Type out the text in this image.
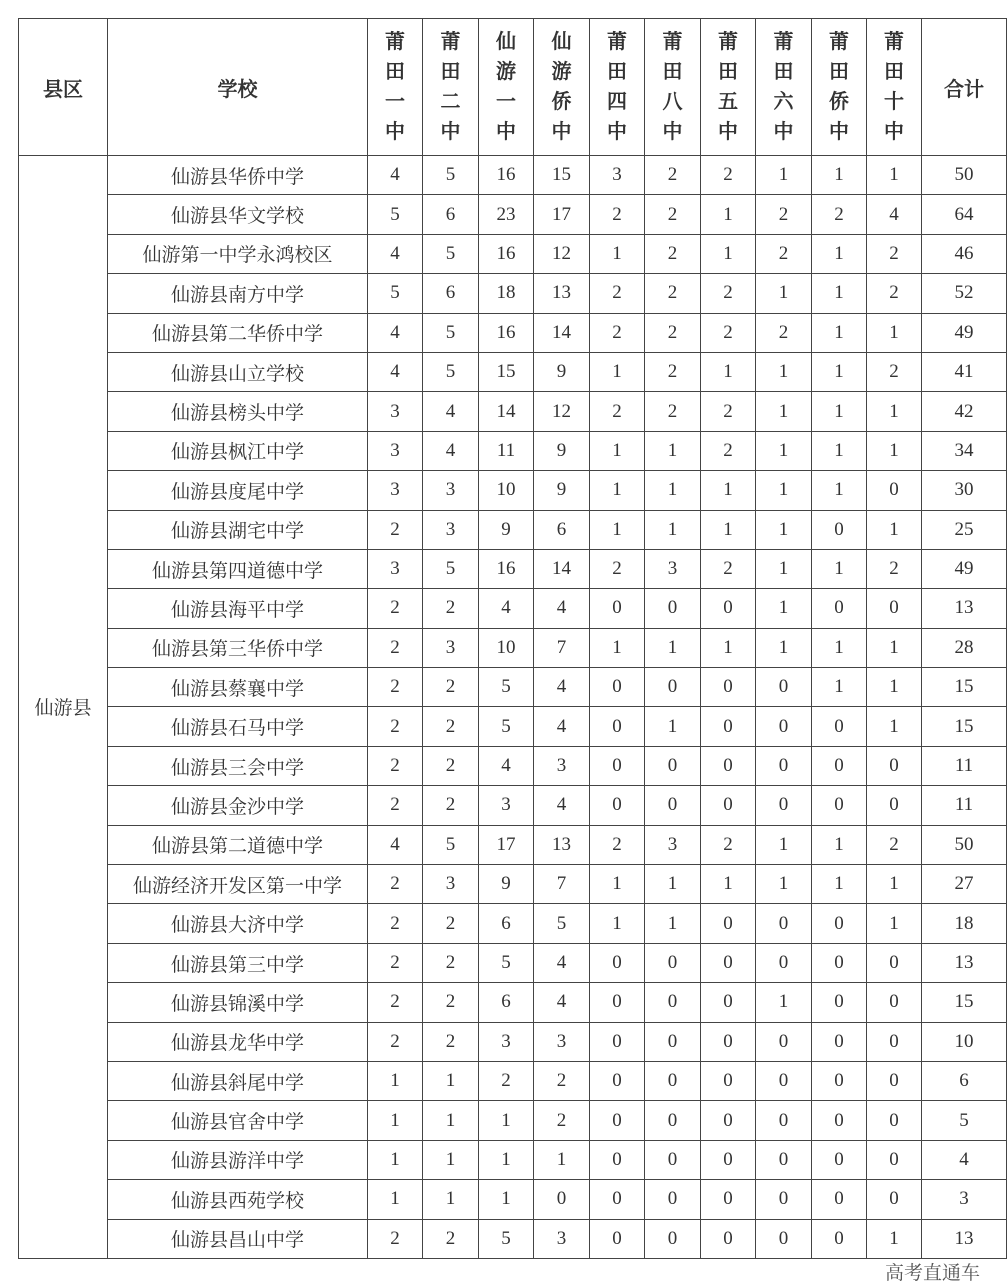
县区	学校	莆田一中	莆田二中	仙游一中	仙游侨中	莆田四中	莆田八中	莆田五中	莆田六中	莆田侨中	莆田十中	合计
仙游县	仙游县华侨中学	4	5	16	15	3	2	2	1	1	1	50
	仙游县华文学校	5	6	23	17	2	2	1	2	2	4	64
	仙游第一中学永鸿校区	4	5	16	12	1	2	1	2	1	2	46
	仙游县南方中学	5	6	18	13	2	2	2	1	1	2	52
	仙游县第二华侨中学	4	5	16	14	2	2	2	2	1	1	49
	仙游县山立学校	4	5	15	9	1	2	1	1	1	2	41
	仙游县榜头中学	3	4	14	12	2	2	2	1	1	1	42
	仙游县枫江中学	3	4	11	9	1	1	2	1	1	1	34
	仙游县度尾中学	3	3	10	9	1	1	1	1	1	0	30
	仙游县湖宅中学	2	3	9	6	1	1	1	1	0	1	25
	仙游县第四道德中学	3	5	16	14	2	3	2	1	1	2	49
	仙游县海平中学	2	2	4	4	0	0	0	1	0	0	13
	仙游县第三华侨中学	2	3	10	7	1	1	1	1	1	1	28
	仙游县蔡襄中学	2	2	5	4	0	0	0	0	1	1	15
	仙游县石马中学	2	2	5	4	0	1	0	0	0	1	15
	仙游县三会中学	2	2	4	3	0	0	0	0	0	0	11
	仙游县金沙中学	2	2	3	4	0	0	0	0	0	0	11
	仙游县第二道德中学	4	5	17	13	2	3	2	1	1	2	50
	仙游经济开发区第一中学	2	3	9	7	1	1	1	1	1	1	27
	仙游县大济中学	2	2	6	5	1	1	0	0	0	1	18
	仙游县第三中学	2	2	5	4	0	0	0	0	0	0	13
	仙游县锦溪中学	2	2	6	4	0	0	0	1	0	0	15
	仙游县龙华中学	2	2	3	3	0	0	0	0	0	0	10
	仙游县斜尾中学	1	1	2	2	0	0	0	0	0	0	6
	仙游县官舍中学	1	1	1	2	0	0	0	0	0	0	5
	仙游县游洋中学	1	1	1	1	0	0	0	0	0	0	4
	仙游县西苑学校	1	1	1	0	0	0	0	0	0	0	3
	仙游县昌山中学	2	2	5	3	0	0	0	0	0	1	13
高考直通车
